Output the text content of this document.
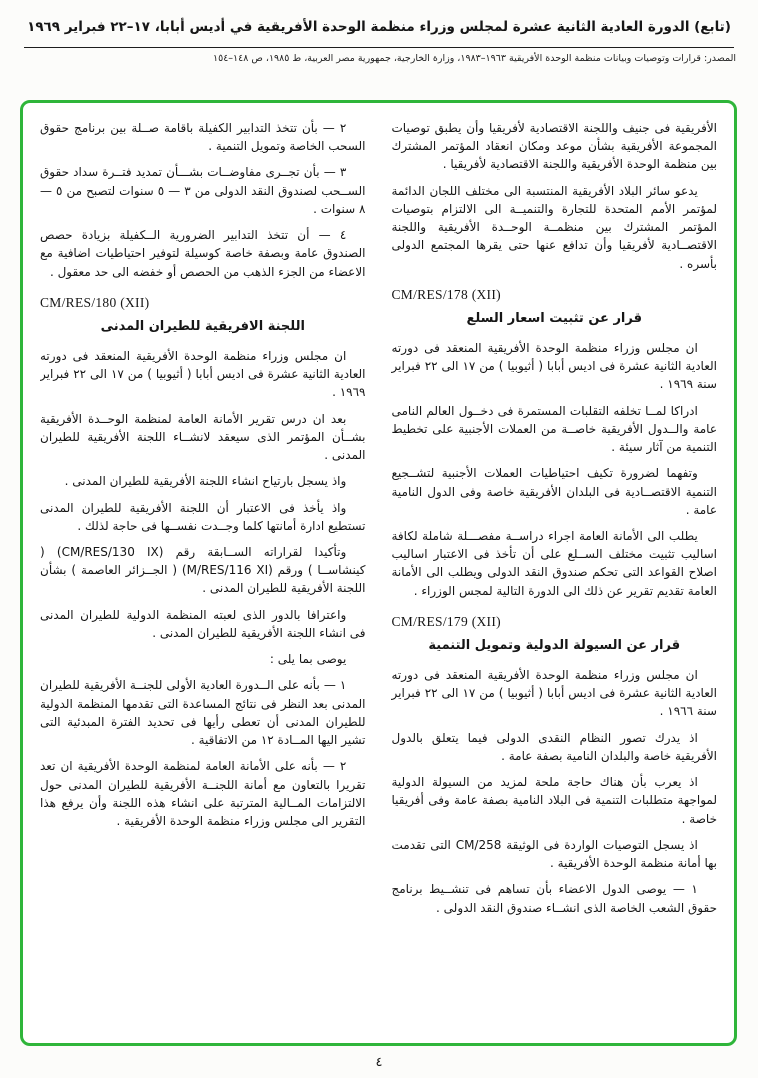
(تابع) الدورة العادية الثانية عشرة لمجلس وزراء منظمة الوحدة الأفريقية في أديس أبابا، ١٧–٢٢ فبراير ١٩٦٩
المصدر: قرارات وتوصيات وبيانات منظمة الوحدة الأفريقية ١٩٦٣–١٩٨٣، وزارة الخارجية، جمهورية مصر العربية، ط ١٩٨٥، ص ١٤٨–١٥٤

الأفريقية فى جنيف واللجنة الاقتصادية لأفريقيا وأن يطبق توصيات المجموعة الأفريقية بشأن موعد ومكان انعقاد المؤتمر المشترك بين منظمة الوحدة الأفريقية واللجنة الاقتصادية لأفريقيا .

يدعو سائر البلاد الأفريقية المنتسبة الى مختلف اللجان الدائمة لمؤتمر الأمم المتحدة للتجارة والتنميــة الى الالتزام بتوصيات المؤتمر المشترك بين منظمــة الوحــدة الأفريقية واللجنة الاقتصــادية لأفريقيا وأن تدافع عنها حتى يقرها المجتمع الدولى بأسره .

CM/RES/178 (XII)
قرار عن تثبيت اسعار السلع

ان مجلس وزراء منظمة الوحدة الأفريقية المنعقد فى دورته العادية الثانية عشرة فى اديس أبابا ( أثيوبيا ) من ١٧ الى ٢٢ فبراير سنة ١٩٦٩ .

ادراكا لمــا تخلفه التقلبات المستمرة فى دخــول العالم النامى عامة والــدول الأفريقية خاصــة من العملات الأجنبية على تخطيط التنمية من آثار سيئة .

وتفهما لضرورة تكيف احتياطيات العملات الأجنبية لتشــجيع التنمية الاقتصــادية فى البلدان الأفريقية خاصة وفى الدول النامية عامة .

يطلب الى الأمانة العامة اجراء دراســة مفصـــلة شاملة لكافة اساليب تثبيت مختلف الســلع على أن تأخذ فى الاعتبار اساليب اصلاح القواعد التى تحكم صندوق النقد الدولى ويطلب الى الأمانة العامة تقديم تقرير عن ذلك الى الدورة التالية لمجس الوزراء .

CM/RES/179 (XII)
قرار عن السيولة الدولية وتمويل التنمية

ان مجلس وزراء منظمة الوحدة الأفريقية المنعقد فى دورته العادية الثانية عشرة فى اديس أبابا ( أثيوبيا ) من ١٧ الى ٢٢ فبراير سنة ١٩٦٦ .

اذ يدرك تصور النظام النقدى الدولى فيما يتعلق بالدول الأفريقية خاصة والبلدان النامية بصفة عامة .

اذ يعرب بأن هناك حاجة ملحة لمزيد من السيولة الدولية لمواجهة متطلبات التنمية فى البلاد النامية بصفة عامة وفى أفريقيا خاصة .

اذ يسجل التوصيات الواردة فى الوثيقة CM/258 التى تقدمت بها أمانة منظمة الوحدة الأفريقية .

١ — يوصى الدول الاعضاء بأن تساهم فى تنشــيط برنامج حقوق الشعب الخاصة الذى انشــاء صندوق النقد الدولى .

٢ — بأن تتخذ التدابير الكفيلة باقامة صــلة بين برنامج حقوق السحب الخاصة وتمويل التنمية .

٣ — بأن تجــرى مفاوضــات بشـــأن تمديد فتــرة سداد حقوق الســحب لصندوق النقد الدولى من ٣ — ٥ سنوات لتصبح من ٥ — ٨ سنوات .

٤ — أن تتخذ التدابير الضرورية الــكفيلة بزيادة حصص الصندوق عامة وبصفة خاصة كوسيلة لتوفير احتياطيات اضافية مع الاعضاء من الجزء الذهب من الحصص أو خفضه الى حد معقول .

CM/RES/180 (XII)
اللجنة الافريقية للطيران المدنى

ان مجلس وزراء منظمة الوحدة الأفريقية المنعقد فى دورته العادية الثانية عشرة فى اديس أبابا ( أثيوبيا ) من ١٧ الى ٢٢ فبراير ١٩٦٩ .

بعد ان درس تقرير الأمانة العامة لمنظمة الوحــدة الأفريقية بشــأن المؤتمر الذى سيعقد لانشــاء اللجنة الأفريقية للطيران المدنى .

واذ يسجل بارتياح انشاء اللجنة الأفريقية للطيران المدنى .

واذ يأخذ فى الاعتبار أن اللجنة الأفريقية للطيران المدنى تستطيع ادارة أمانتها كلما وجــدت نفســها فى حاجة لذلك .

وتأكيدا لقراراته الســابقة رقم (CM/RES/130 IX) ( كينشاســا ) ورقم (M/RES/116 XI) ( الجــزائر العاصمة ) بشأن اللجنة الأفريقية للطيران المدنى .

واعترافا بالدور الذى لعبته المنظمة الدولية للطيران المدنى فى انشاء اللجنة الأفريقية للطيران المدنى .

يوصى بما يلى :

١ — بأنه على الــدورة العادية الأولى للجنــة الأفريقية للطيران المدنى بعد النظر فى نتائج المساعدة التى تقدمها المنظمة الدولية للطيران المدنى أن تعطى رأيها فى تحديد الفترة المبدئية التى تشير اليها المــادة ١٢ من الاتفاقية .

٢ — بأنه على الأمانة العامة لمنظمة الوحدة الأفريقية ان تعد تقريرا بالتعاون مع أمانة اللجنــة الأفريقية للطيران المدنى حول الالتزامات المــالية المترتبة على انشاء هذه اللجنة وأن يرفع هذا التقرير الى مجلس وزراء منظمة الوحدة الأفريقية .

٤
